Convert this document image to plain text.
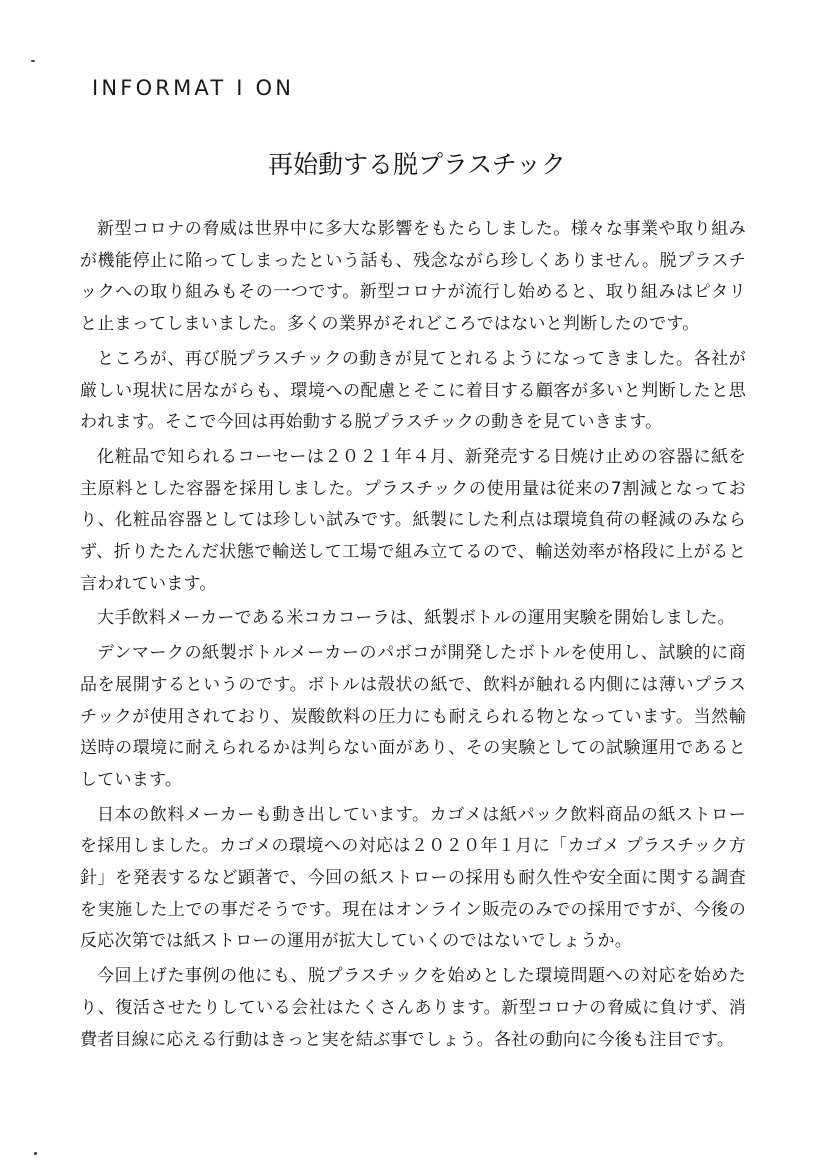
INFORMAT I ON
再始動する脱プラスチック

新型コロナの脅威は世界中に多大な影響をもたらしました。様々な事業や取り組みが機能停止に陥ってしまったという話も、残念ながら珍しくありません。脱プラスチックへの取り組みもその一つです。新型コロナが流行し始めると、取り組みはピタリと止まってしまいました。多くの業界がそれどころではないと判断したのです。

ところが、再び脱プラスチックの動きが見てとれるようになってきました。各社が厳しい現状に居ながらも、環境への配慮とそこに着目する顧客が多いと判断したと思われます。そこで今回は再始動する脱プラスチックの動きを見ていきます。

化粧品で知られるコーセーは２０２１年４月、新発売する日焼け止めの容器に紙を主原料とした容器を採用しました。プラスチックの使用量は従来の7割減となっており、化粧品容器としては珍しい試みです。紙製にした利点は環境負荷の軽減のみならず、折りたたんだ状態で輸送して工場で組み立てるので、輸送効率が格段に上がると言われています。

大手飲料メーカーである米コカコーラは、紙製ボトルの運用実験を開始しました。

デンマークの紙製ボトルメーカーのパボコが開発したボトルを使用し、試験的に商品を展開するというのです。ボトルは殻状の紙で、飲料が触れる内側には薄いプラスチックが使用されており、炭酸飲料の圧力にも耐えられる物となっています。当然輸送時の環境に耐えられるかは判らない面があり、その実験としての試験運用であるとしています。

日本の飲料メーカーも動き出しています。カゴメは紙パック飲料商品の紙ストローを採用しました。カゴメの環境への対応は２０２０年１月に「カゴメ プラスチック方針」を発表するなど顕著で、今回の紙ストローの採用も耐久性や安全面に関する調査を実施した上での事だそうです。現在はオンライン販売のみでの採用ですが、今後の反応次第では紙ストローの運用が拡大していくのではないでしょうか。

今回上げた事例の他にも、脱プラスチックを始めとした環境問題への対応を始めたり、復活させたりしている会社はたくさんあります。新型コロナの脅威に負けず、消費者目線に応える行動はきっと実を結ぶ事でしょう。各社の動向に今後も注目です。
